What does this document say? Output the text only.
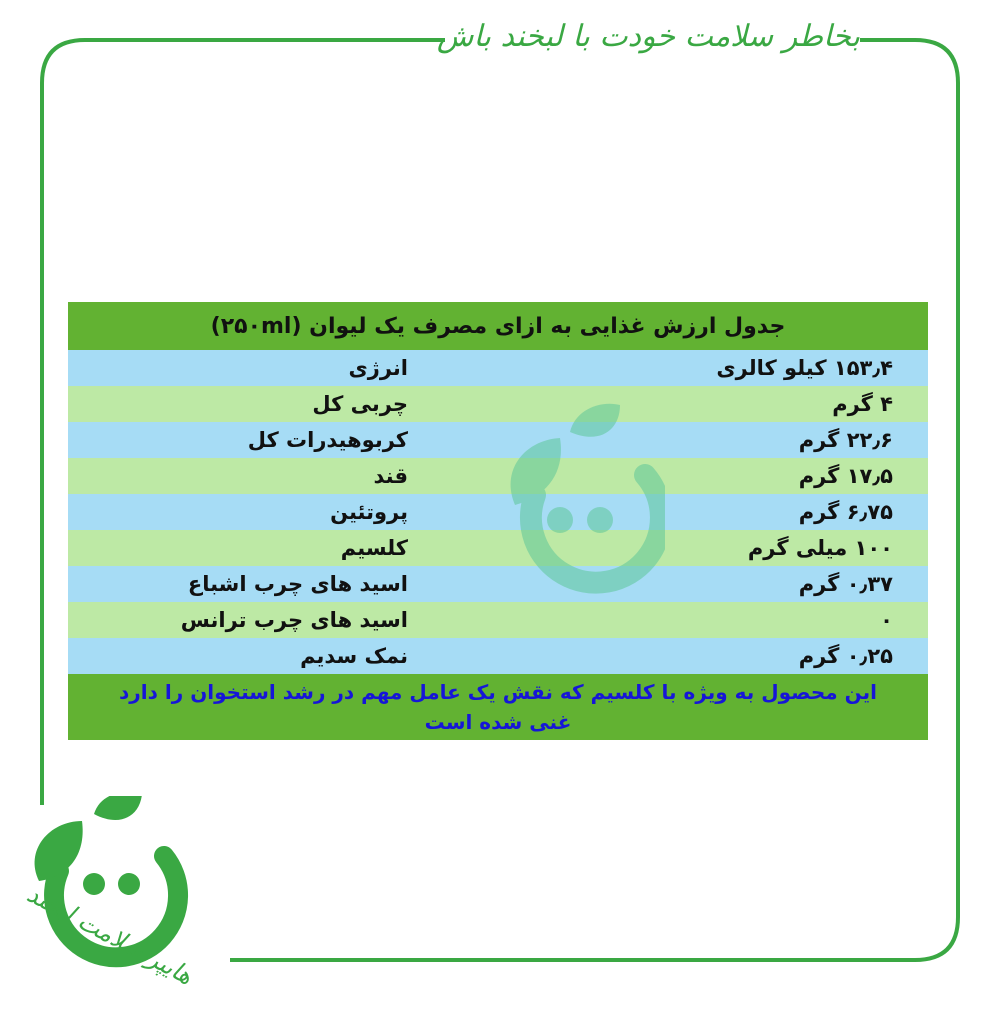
بخاطر سلامت خودت با لبخند باش
جدول ارزش غذایی به ازای مصرف یک لیوان (۲۵۰ml)
انرژی	۱۵۳٫۴ کیلو کالری
چربی کل	۴ گرم
کربوهیدرات کل	۲۲٫۶ گرم
قند	۱۷٫۵ گرم
پروتئین	۶٫۷۵ گرم
کلسیم	۱۰۰ میلی گرم
اسید های چرب اشباع	۰٫۳۷ گرم
اسید های چرب ترانس	۰
نمک سدیم	۰٫۲۵ گرم
این محصول به ویژه با کلسیم که نقش یک عامل مهم در رشد استخوان را دارد غنی شده است
هایپر سلامت لبخند
